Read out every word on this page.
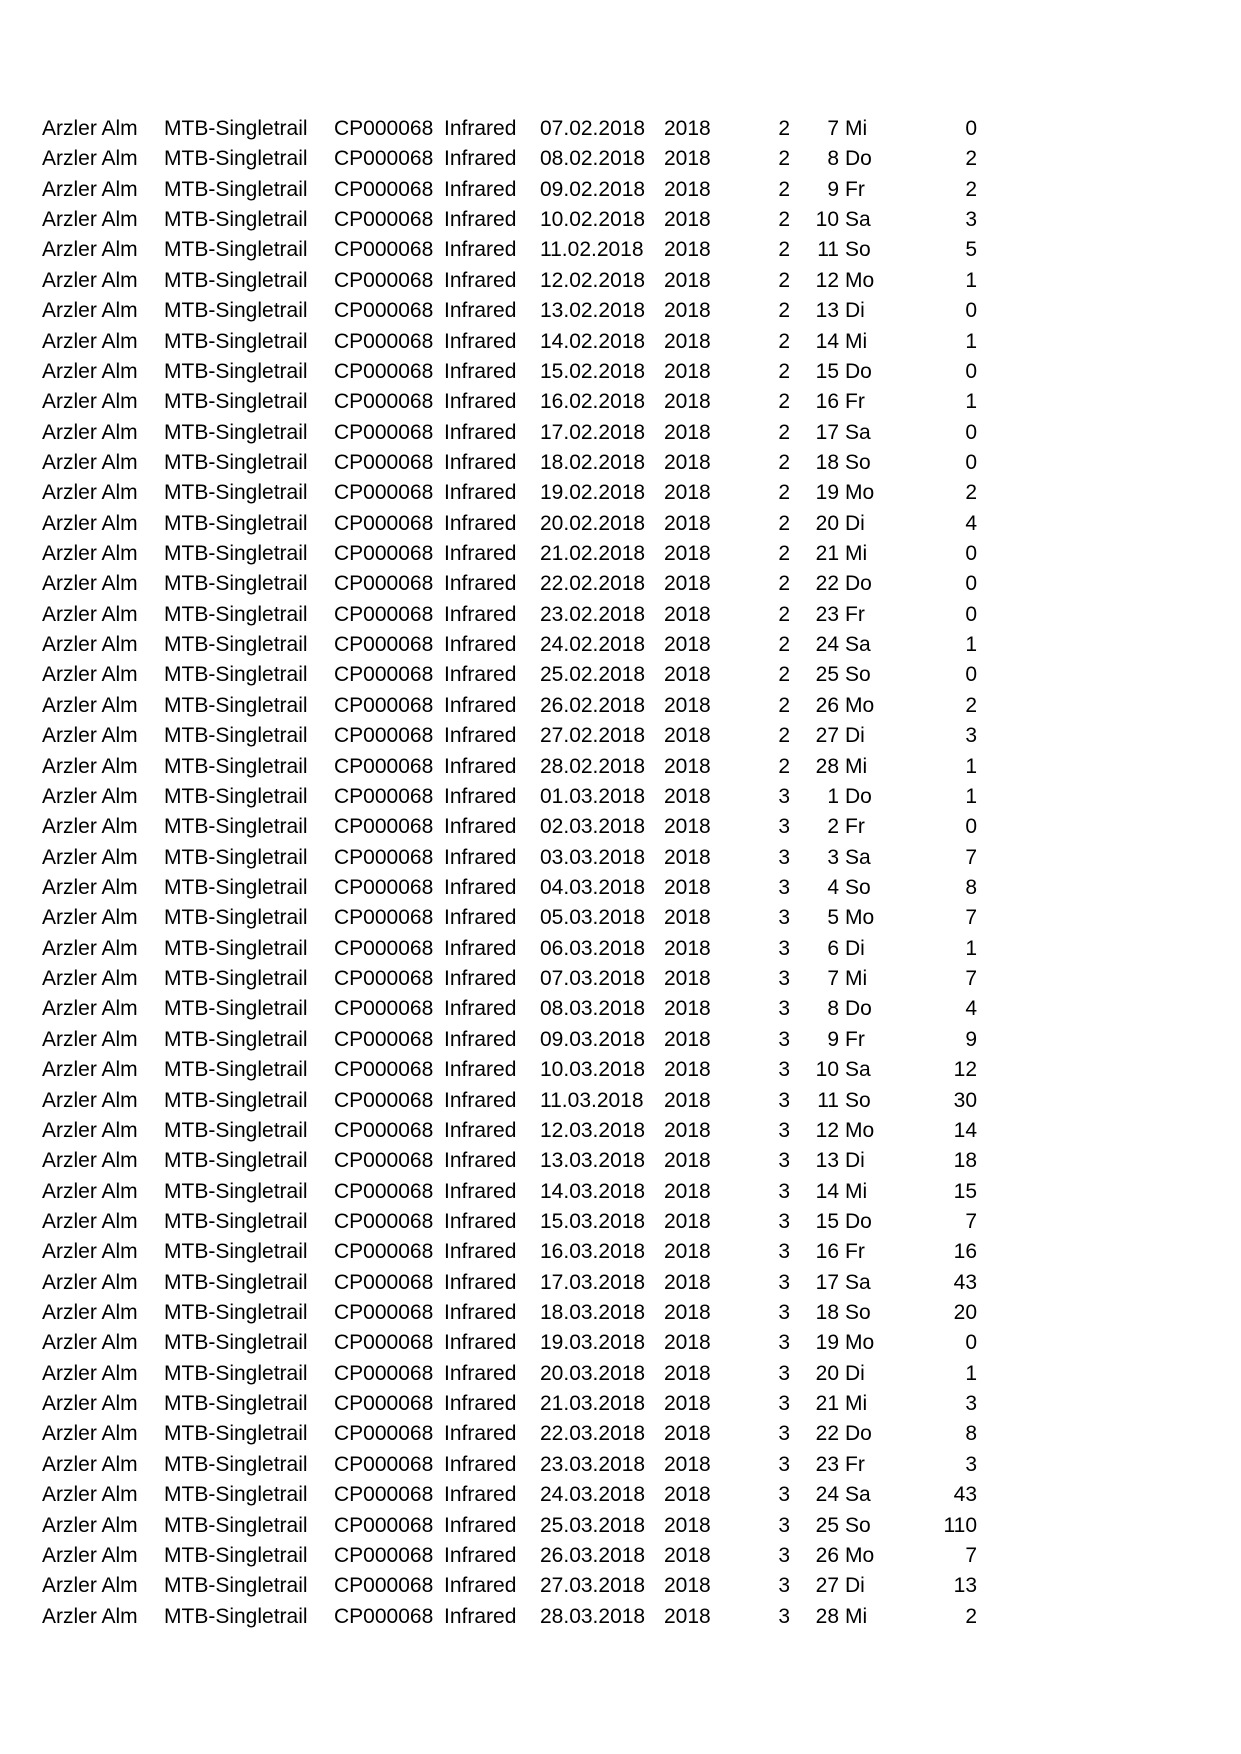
Arzler Alm MTB-Singletrail CP000068 Infrared 07.02.2018 2018	2	7 Mi	0
Arzler Alm MTB-Singletrail CP000068 Infrared 08.02.2018 2018	2	8 Do	2
Arzler Alm MTB-Singletrail CP000068 Infrared 09.02.2018 2018	2	9 Fr	2
Arzler Alm MTB-Singletrail CP000068 Infrared 10.02.2018 2018	2	10 Sa	3
Arzler Alm MTB-Singletrail CP000068 Infrared 11.02.2018 2018	2	11 So	5
Arzler Alm MTB-Singletrail CP000068 Infrared 12.02.2018 2018	2	12 Mo	1
Arzler Alm MTB-Singletrail CP000068 Infrared 13.02.2018 2018	2	13 Di	0
Arzler Alm MTB-Singletrail CP000068 Infrared 14.02.2018 2018	2	14 Mi	1
Arzler Alm MTB-Singletrail CP000068 Infrared 15.02.2018 2018	2	15 Do	0
Arzler Alm MTB-Singletrail CP000068 Infrared 16.02.2018 2018	2	16 Fr	1
Arzler Alm MTB-Singletrail CP000068 Infrared 17.02.2018 2018	2	17 Sa	0
Arzler Alm MTB-Singletrail CP000068 Infrared 18.02.2018 2018	2	18 So	0
Arzler Alm MTB-Singletrail CP000068 Infrared 19.02.2018 2018	2	19 Mo	2
Arzler Alm MTB-Singletrail CP000068 Infrared 20.02.2018 2018	2	20 Di	4
Arzler Alm MTB-Singletrail CP000068 Infrared 21.02.2018 2018	2	21 Mi	0
Arzler Alm MTB-Singletrail CP000068 Infrared 22.02.2018 2018	2	22 Do	0
Arzler Alm MTB-Singletrail CP000068 Infrared 23.02.2018 2018	2	23 Fr	0
Arzler Alm MTB-Singletrail CP000068 Infrared 24.02.2018 2018	2	24 Sa	1
Arzler Alm MTB-Singletrail CP000068 Infrared 25.02.2018 2018	2	25 So	0
Arzler Alm MTB-Singletrail CP000068 Infrared 26.02.2018 2018	2	26 Mo	2
Arzler Alm MTB-Singletrail CP000068 Infrared 27.02.2018 2018	2	27 Di	3
Arzler Alm MTB-Singletrail CP000068 Infrared 28.02.2018 2018	2	28 Mi	1
Arzler Alm MTB-Singletrail CP000068 Infrared 01.03.2018 2018	3	1 Do	1
Arzler Alm MTB-Singletrail CP000068 Infrared 02.03.2018 2018	3	2 Fr	0
Arzler Alm MTB-Singletrail CP000068 Infrared 03.03.2018 2018	3	3 Sa	7
Arzler Alm MTB-Singletrail CP000068 Infrared 04.03.2018 2018	3	4 So	8
Arzler Alm MTB-Singletrail CP000068 Infrared 05.03.2018 2018	3	5 Mo	7
Arzler Alm MTB-Singletrail CP000068 Infrared 06.03.2018 2018	3	6 Di	1
Arzler Alm MTB-Singletrail CP000068 Infrared 07.03.2018 2018	3	7 Mi	7
Arzler Alm MTB-Singletrail CP000068 Infrared 08.03.2018 2018	3	8 Do	4
Arzler Alm MTB-Singletrail CP000068 Infrared 09.03.2018 2018	3	9 Fr	9
Arzler Alm MTB-Singletrail CP000068 Infrared 10.03.2018 2018	3	10 Sa	12
Arzler Alm MTB-Singletrail CP000068 Infrared 11.03.2018 2018	3	11 So	30
Arzler Alm MTB-Singletrail CP000068 Infrared 12.03.2018 2018	3	12 Mo	14
Arzler Alm MTB-Singletrail CP000068 Infrared 13.03.2018 2018	3	13 Di	18
Arzler Alm MTB-Singletrail CP000068 Infrared 14.03.2018 2018	3	14 Mi	15
Arzler Alm MTB-Singletrail CP000068 Infrared 15.03.2018 2018	3	15 Do	7
Arzler Alm MTB-Singletrail CP000068 Infrared 16.03.2018 2018	3	16 Fr	16
Arzler Alm MTB-Singletrail CP000068 Infrared 17.03.2018 2018	3	17 Sa	43
Arzler Alm MTB-Singletrail CP000068 Infrared 18.03.2018 2018	3	18 So	20
Arzler Alm MTB-Singletrail CP000068 Infrared 19.03.2018 2018	3	19 Mo	0
Arzler Alm MTB-Singletrail CP000068 Infrared 20.03.2018 2018	3	20 Di	1
Arzler Alm MTB-Singletrail CP000068 Infrared 21.03.2018 2018	3	21 Mi	3
Arzler Alm MTB-Singletrail CP000068 Infrared 22.03.2018 2018	3	22 Do	8
Arzler Alm MTB-Singletrail CP000068 Infrared 23.03.2018 2018	3	23 Fr	3
Arzler Alm MTB-Singletrail CP000068 Infrared 24.03.2018 2018	3	24 Sa	43
Arzler Alm MTB-Singletrail CP000068 Infrared 25.03.2018 2018	3	25 So	110
Arzler Alm MTB-Singletrail CP000068 Infrared 26.03.2018 2018	3	26 Mo	7
Arzler Alm MTB-Singletrail CP000068 Infrared 27.03.2018 2018	3	27 Di	13
Arzler Alm MTB-Singletrail CP000068 Infrared 28.03.2018 2018	3	28 Mi	2
